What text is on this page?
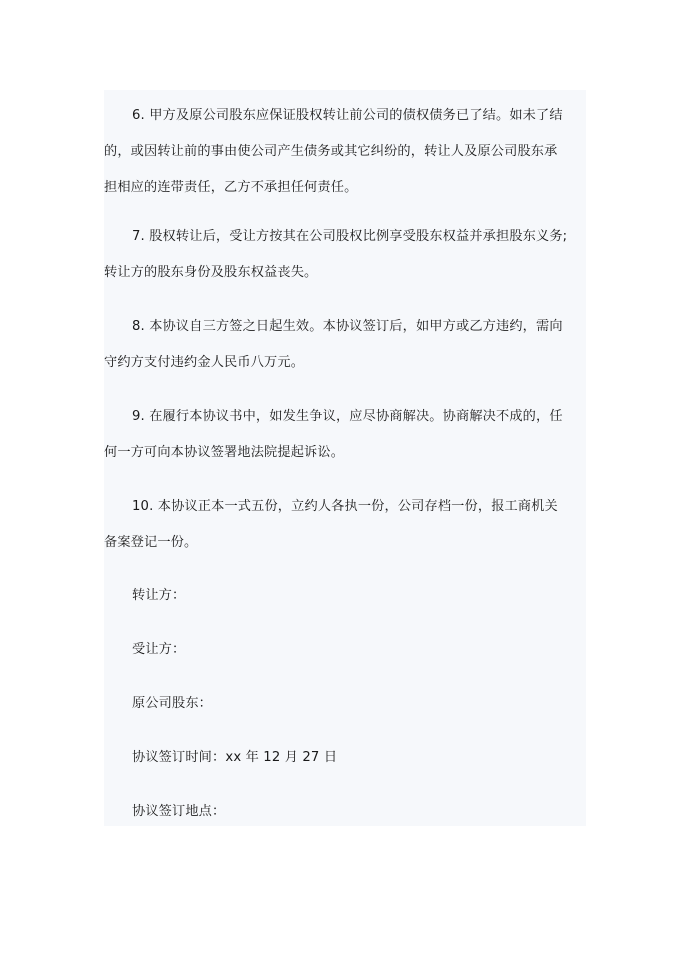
6. 甲方及原公司股东应保证股权转让前公司的债权债务已了结。如未了结
的，或因转让前的事由使公司产生债务或其它纠纷的，转让人及原公司股东承
担相应的连带责任，乙方不承担任何责任。
7. 股权转让后，受让方按其在公司股权比例享受股东权益并承担股东义务;
转让方的股东身份及股东权益丧失。
8. 本协议自三方签之日起生效。本协议签订后，如甲方或乙方违约，需向
守约方支付违约金人民币八万元。
9. 在履行本协议书中，如发生争议，应尽协商解决。协商解决不成的，任
何一方可向本协议签署地法院提起诉讼。
10. 本协议正本一式五份，立约人各执一份，公司存档一份，报工商机关
备案登记一份。
转让方：
受让方：
原公司股东：
协议签订时间：xx 年 12 月 27 日
协议签订地点：
